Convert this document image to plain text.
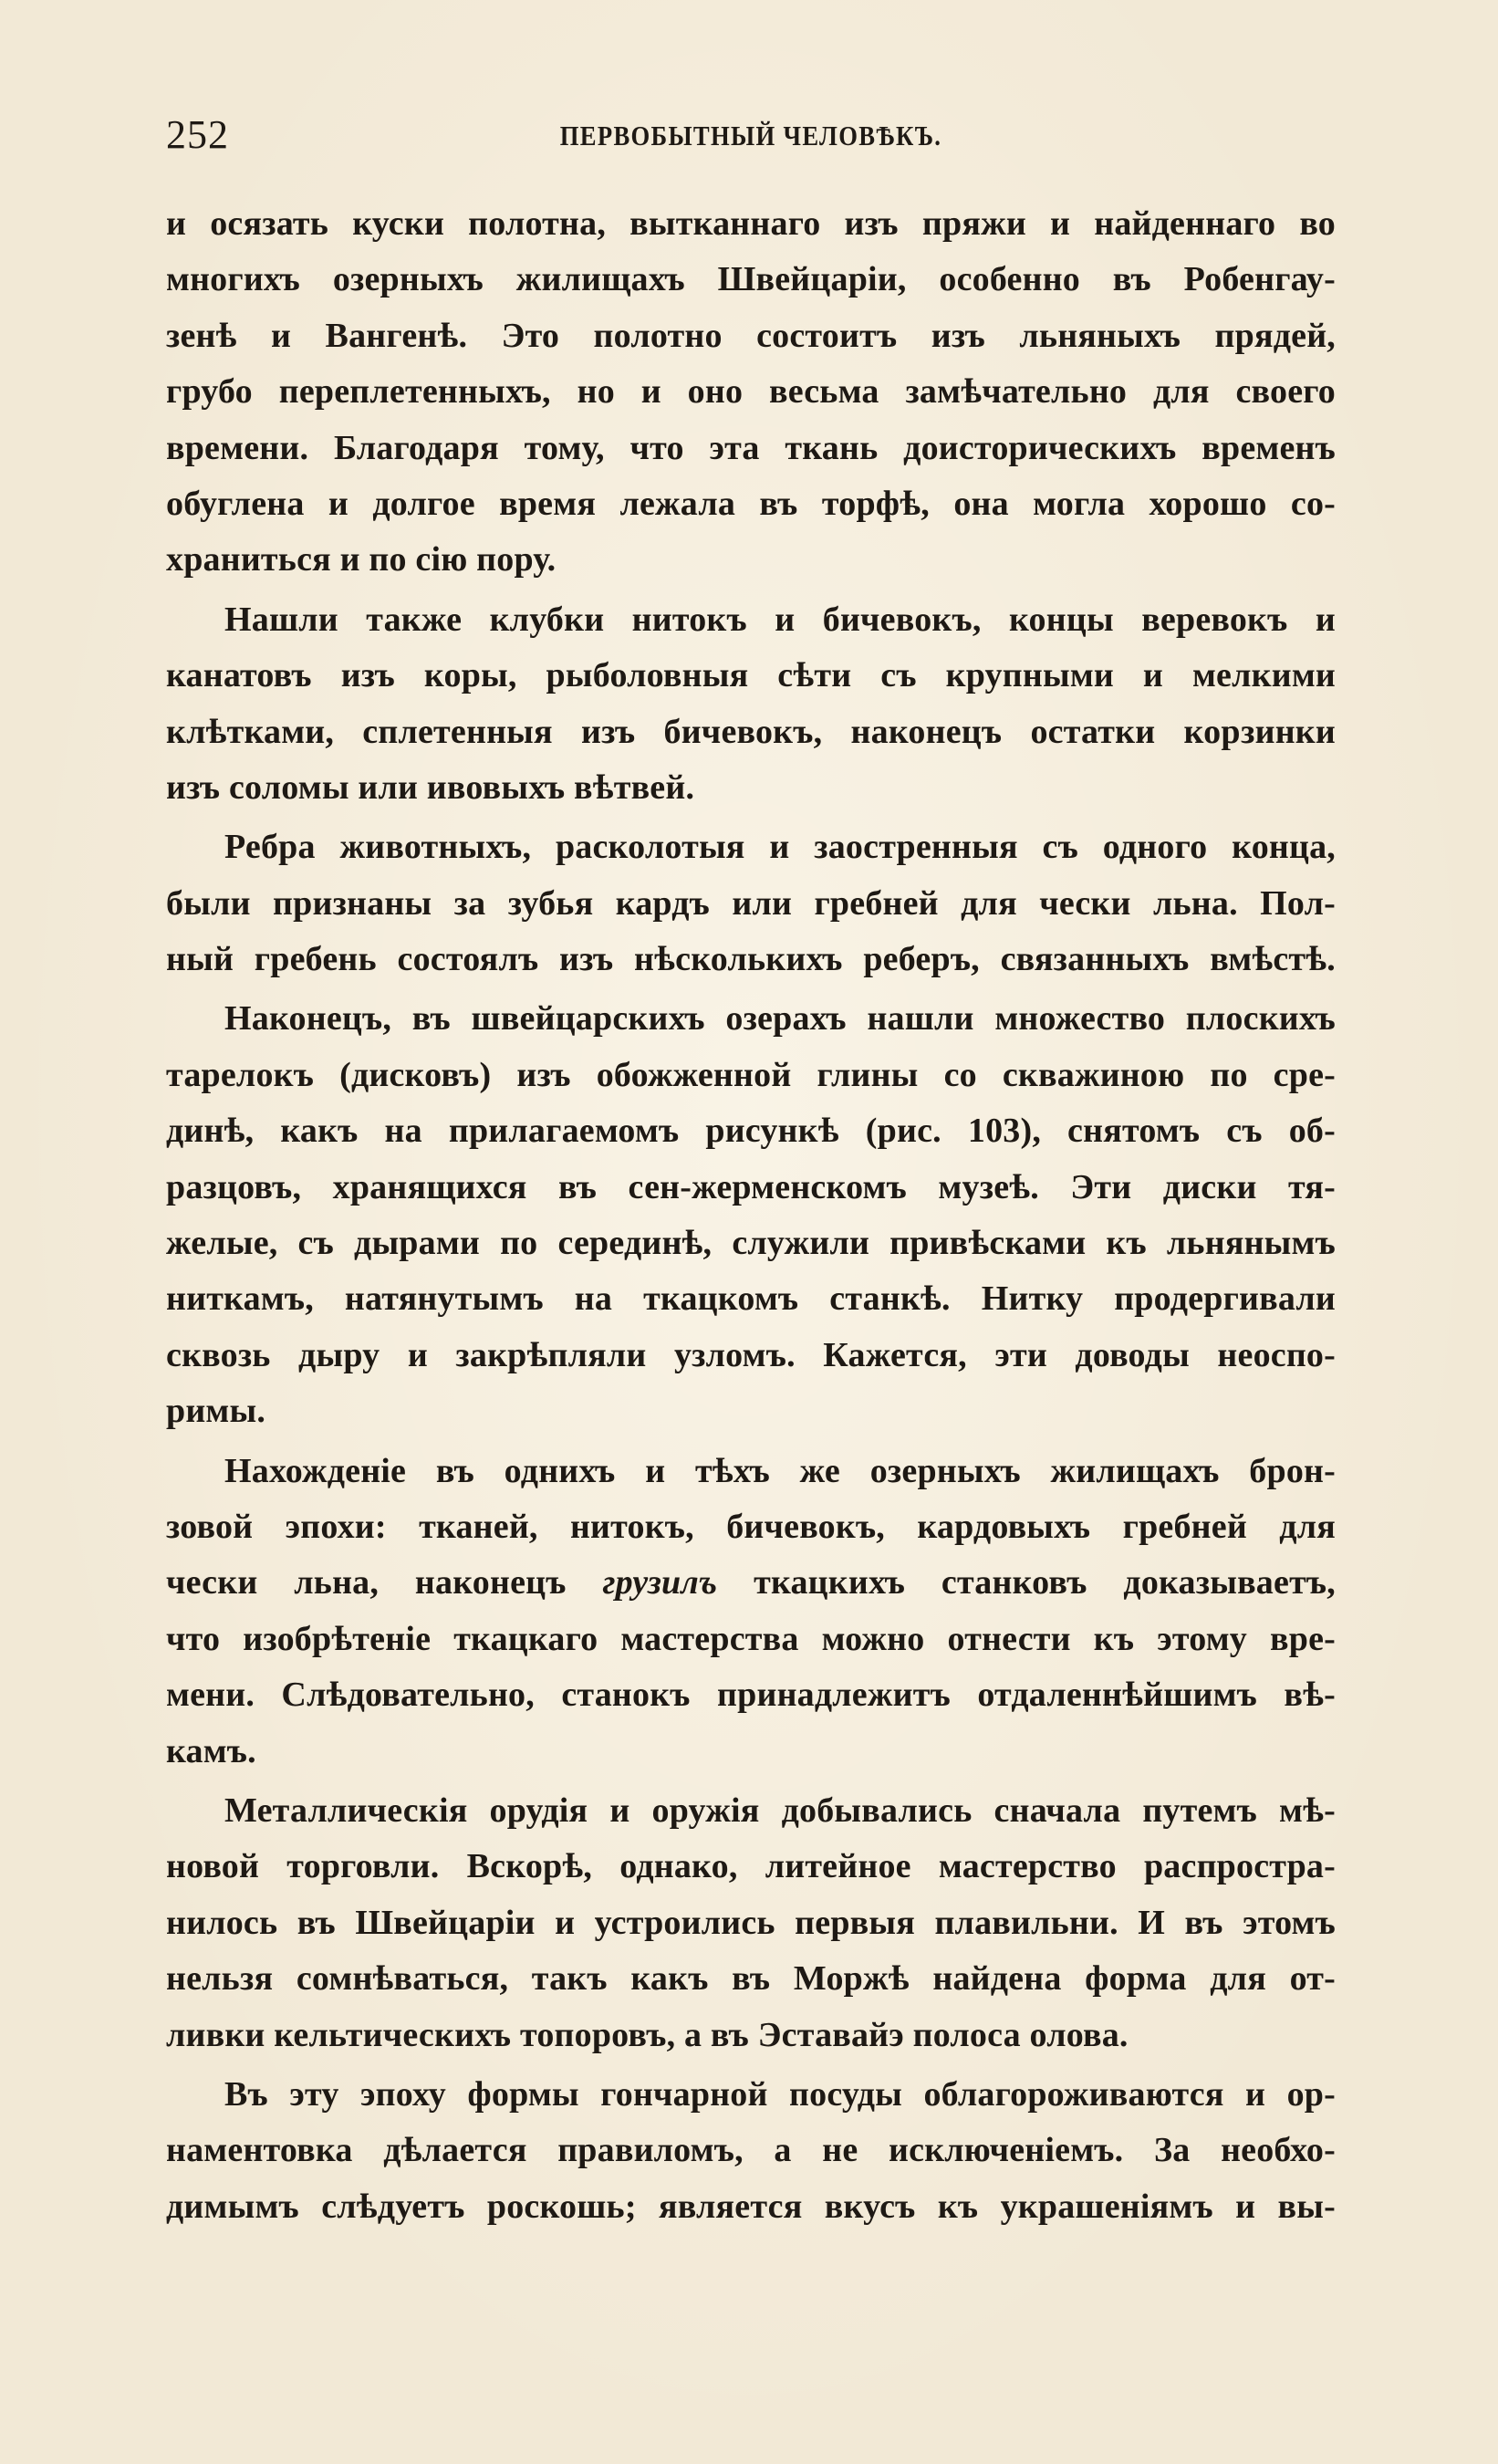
252	ПЕРВОБЫТНЫЙ ЧЕЛОВѢКЪ.
и осязать куски полотна, вытканнаго изъ пряжи и найденнаго во
многихъ озерныхъ жилищахъ Швейцаріи, особенно въ Робенгау-
зенѣ и Вангенѣ. Это полотно состоитъ изъ льняныхъ прядей,
грубо переплетенныхъ, но и оно весьма замѣчательно для своего
времени. Благодаря тому, что эта ткань доисторическихъ временъ
обуглена и долгое время лежала въ торфѣ, она могла хорошо со-
храниться и по сію пору.
Нашли также клубки нитокъ и бичевокъ, концы веревокъ и
канатовъ изъ коры, рыболовныя сѣти съ крупными и мелкими
клѣтками, сплетенныя изъ бичевокъ, наконецъ остатки корзинки
изъ соломы или ивовыхъ вѣтвей.
Ребра животныхъ, расколотыя и заостренныя съ одного конца,
были признаны за зубья кардъ или гребней для чески льна. Пол-
ный гребень состоялъ изъ нѣсколькихъ реберъ, связанныхъ вмѣстѣ.
Наконецъ, въ швейцарскихъ озерахъ нашли множество плоскихъ
тарелокъ (дисковъ) изъ обожженной глины со скважиною по сре-
динѣ, какъ на прилагаемомъ рисункѣ (рис. 103), снятомъ съ об-
разцовъ, хранящихся въ сен-жерменскомъ музеѣ. Эти диски тя-
желые, съ дырами по серединѣ, служили привѣсками къ льнянымъ
ниткамъ, натянутымъ на ткацкомъ станкѣ. Нитку продергивали
сквозь дыру и закрѣпляли узломъ. Кажется, эти доводы неоспо-
римы.
Нахожденіе въ однихъ и тѣхъ же озерныхъ жилищахъ брон-
зовой эпохи: тканей, нитокъ, бичевокъ, кардовыхъ гребней для
чески льна, наконецъ грузилъ ткацкихъ станковъ доказываетъ,
что изобрѣтеніе ткацкаго мастерства можно отнести къ этому вре-
мени. Слѣдовательно, станокъ принадлежитъ отдаленнѣйшимъ вѣ-
камъ.
Металлическія орудія и оружія добывались сначала путемъ мѣ-
новой торговли. Вскорѣ, однако, литейное мастерство распростра-
нилось въ Швейцаріи и устроились первыя плавильни. И въ этомъ
нельзя сомнѣваться, такъ какъ въ Моржѣ найдена форма для от-
ливки кельтическихъ топоровъ, а въ Эставайэ полоса олова.
Въ эту эпоху формы гончарной посуды облагороживаются и ор-
наментовка дѣлается правиломъ, а не исключеніемъ. За необхо-
димымъ слѣдуетъ роскошь; является вкусъ къ украшеніямъ и вы-
